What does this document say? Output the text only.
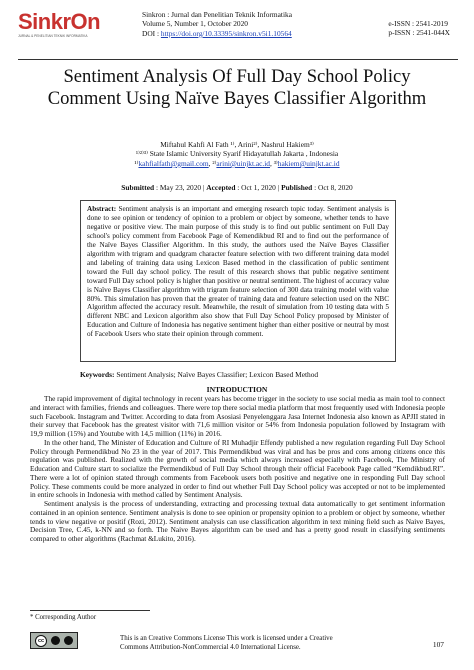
SinkrOn
JURNAL & PENELITIAN TEKNIK INFORMATIKA
Sinkron : Jurnal dan Penelitian Teknik Informatika
Volume 5, Number 1, October 2020
DOI : https://doi.org/10.33395/sinkron.v5i1.10564
e-ISSN : 2541-2019
p-ISSN : 2541-044X
Sentiment Analysis Of Full Day School Policy Comment Using Naïve Bayes Classifier Algorithm
Miftahul Kahfi Al Fath ¹⁾, Arini²⁾, Nashrul Hakiem³⁾
¹⁾²⁾³⁾ State Islamic University Syarif Hidayatullah Jakarta , Indonesia
¹⁾kahfialfath@gmail.com, ²⁾arini@uinjkt.ac.id, ³⁾hakiem@uinjkt.ac.id
Submitted : May 23, 2020 | Accepted : Oct 1, 2020 | Published : Oct 8, 2020
Abstract: Sentiment analysis is an important and emerging research topic today. Sentiment analysis is done to see opinion or tendency of opinion to a problem or object by someone, whether tends to have negative or positive view. The main purpose of this study is to find out public sentiment on Full Day school's policy comment from Facebook Page of Kemendikbud RI and to find out the performance of the Naïve Bayes Classifier Algorithm. In this study, the authors used the Naïve Bayes Classifier algorithm with trigram and quadgram character feature selection with two different training data model and labeling of training data using Lexicon Based method in the classification of public sentiment toward the Full day school policy. The result of this research shows that public negative sentiment toward Full Day school policy is higher than positive or neutral sentiment. The highest of accuracy value is Naïve Bayes Classifier algorithm with trigram feature selection of 300 data training model with value 80%. This simulation has proven that the greater of training data and feature selection used on the NBC Algorithm affected the accuracy result. Meanwhile, the result of simulation from 10 testing data with 5 different NBC and Lexicon algorithm also show that Full Day School Policy proposed by Minister of Education and Culture of Indonesia has negative sentiment higher than either positive or neutral by most of Facebook Users who state their opinion through comment.
Keywords: Sentiment Analysis; Naïve Bayes Classifier; Lexicon Based Method
INTRODUCTION

The rapid improvement of digital technology in recent years has become trigger in the society to use social media as main tool to connect and interact with families, friends and colleagues. There were top there social media platform that most frequently used with Indonesia people such Facebook. Instagram and Twitter. According to data from Asosiasi Penyelenggara Jasa Internet Indonesia also known as APJII stated in their survey that Facebook has the greatest visitor with 71,6 million visitor or 54% from Indonesia population followed by Instagram with 19,9 million (15%) and Youtube with 14,5 million (11%) in 2016.

In the other hand, The Minister of Education and Culture of RI Muhadjir Effendy published a new regulation regarding Full Day School Policy through Permendikbud No 23 in the year of 2017. This Permendikbud was viral and has be pros and cons among citizens once this regulation was published. Realized with the growth of social media which always increased especially with Facebook, The Ministry of Education and Culture start to socialize the Permendikbud of Full Day School through their official Facebook Page called “Kemdikbud.RI”. There were a lot of opinion stated through comments from Facebook users both positive and negative one in responding Full Day school Policy. These comments could be more analyzed in order to find out whether Full Day School policy was accepted or not to be implemented in entire schools in Indonesia with method called by Sentiment Analysis.

Sentiment analysis is the process of understanding, extracting and processing textual data automatically to get sentiment information contained in an opinion sentence. Sentiment analysis is done to see opinion or propensity opinion to a problem or object by someone, whether tends to view negative or positif (Rozi, 2012). Sentiment analysis can use classification algorithm in text mining field such as Naive Bayes, Decision Tree, C.45, k-NN and so forth. The Naive Bayes algorithm can be used and has a pretty good result in classifying sentiments compared to other algorithms (Rachmat &Lukito, 2016).

* Corresponding Author
cc	This is an Creative Commons License This work is licensed under a Creative
Commons Attribution-NonCommercial 4.0 International License.	107
